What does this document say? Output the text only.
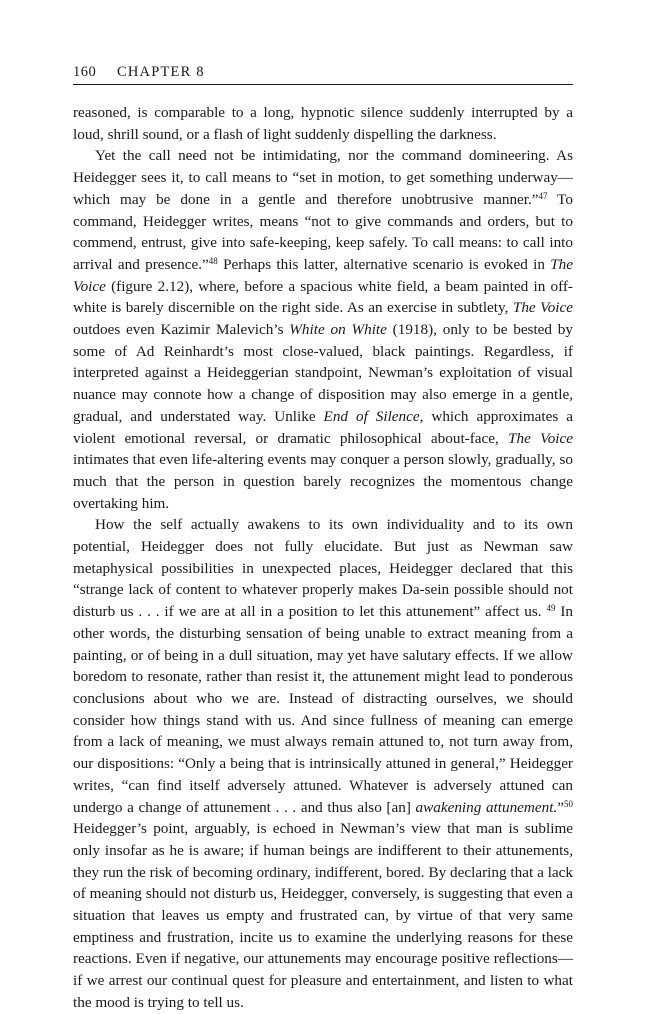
160 CHAPTER 8

reasoned, is comparable to a long, hypnotic silence suddenly interrupted by a loud, shrill sound, or a flash of light suddenly dispelling the darkness.

Yet the call need not be intimidating, nor the command domineering. As Heidegger sees it, to call means to “set in motion, to get something underway—which may be done in a gentle and therefore unobtrusive manner.”$^{47}$ To command, Heidegger writes, means “not to give commands and orders, but to commend, entrust, give into safe-keeping, keep safely. To call means: to call into arrival and presence.”$^{48}$ Perhaps this latter, alternative scenario is evoked in The Voice (figure 2.12), where, before a spacious white field, a beam painted in off-white is barely discernible on the right side. As an exercise in subtlety, The Voice outdoes even Kazimir Malevich’s White on White (1918), only to be bested by some of Ad Reinhardt’s most close-valued, black paintings. Regardless, if interpreted against a Heideggerian standpoint, Newman’s exploitation of visual nuance may connote how a change of disposition may also emerge in a gentle, gradual, and understated way. Unlike End of Silence, which approximates a violent emotional reversal, or dramatic philosophical about-face, The Voice intimates that even life-altering events may conquer a person slowly, gradually, so much that the person in question barely recognizes the momentous change overtaking him.

How the self actually awakens to its own individuality and to its own potential, Heidegger does not fully elucidate. But just as Newman saw metaphysical possibilities in unexpected places, Heidegger declared that this “strange lack of content to whatever properly makes Da-sein possible should not disturb us . . . if we are at all in a position to let this attunement” affect us. $^{49}$ In other words, the disturbing sensation of being unable to extract meaning from a painting, or of being in a dull situation, may yet have salutary effects. If we allow boredom to resonate, rather than resist it, the attunement might lead to ponderous conclusions about who we are. Instead of distracting ourselves, we should consider how things stand with us. And since fullness of meaning can emerge from a lack of meaning, we must always remain attuned to, not turn away from, our dispositions: “Only a being that is intrinsically attuned in general,” Heidegger writes, “can find itself adversely attuned. Whatever is adversely attuned can undergo a change of attunement . . . and thus also [an] awakening attunement.”$^{50}$ Heidegger’s point, arguably, is echoed in Newman’s view that man is sublime only insofar as he is aware; if human beings are indifferent to their attunements, they run the risk of becoming ordinary, indifferent, bored. By declaring that a lack of meaning should not disturb us, Heidegger, conversely, is suggesting that even a situation that leaves us empty and frustrated can, by virtue of that very same emptiness and frustration, incite us to examine the underlying reasons for these reactions. Even if negative, our attunements may encourage positive reflections—if we arrest our continual quest for pleasure and entertainment, and listen to what the mood is trying to tell us.
